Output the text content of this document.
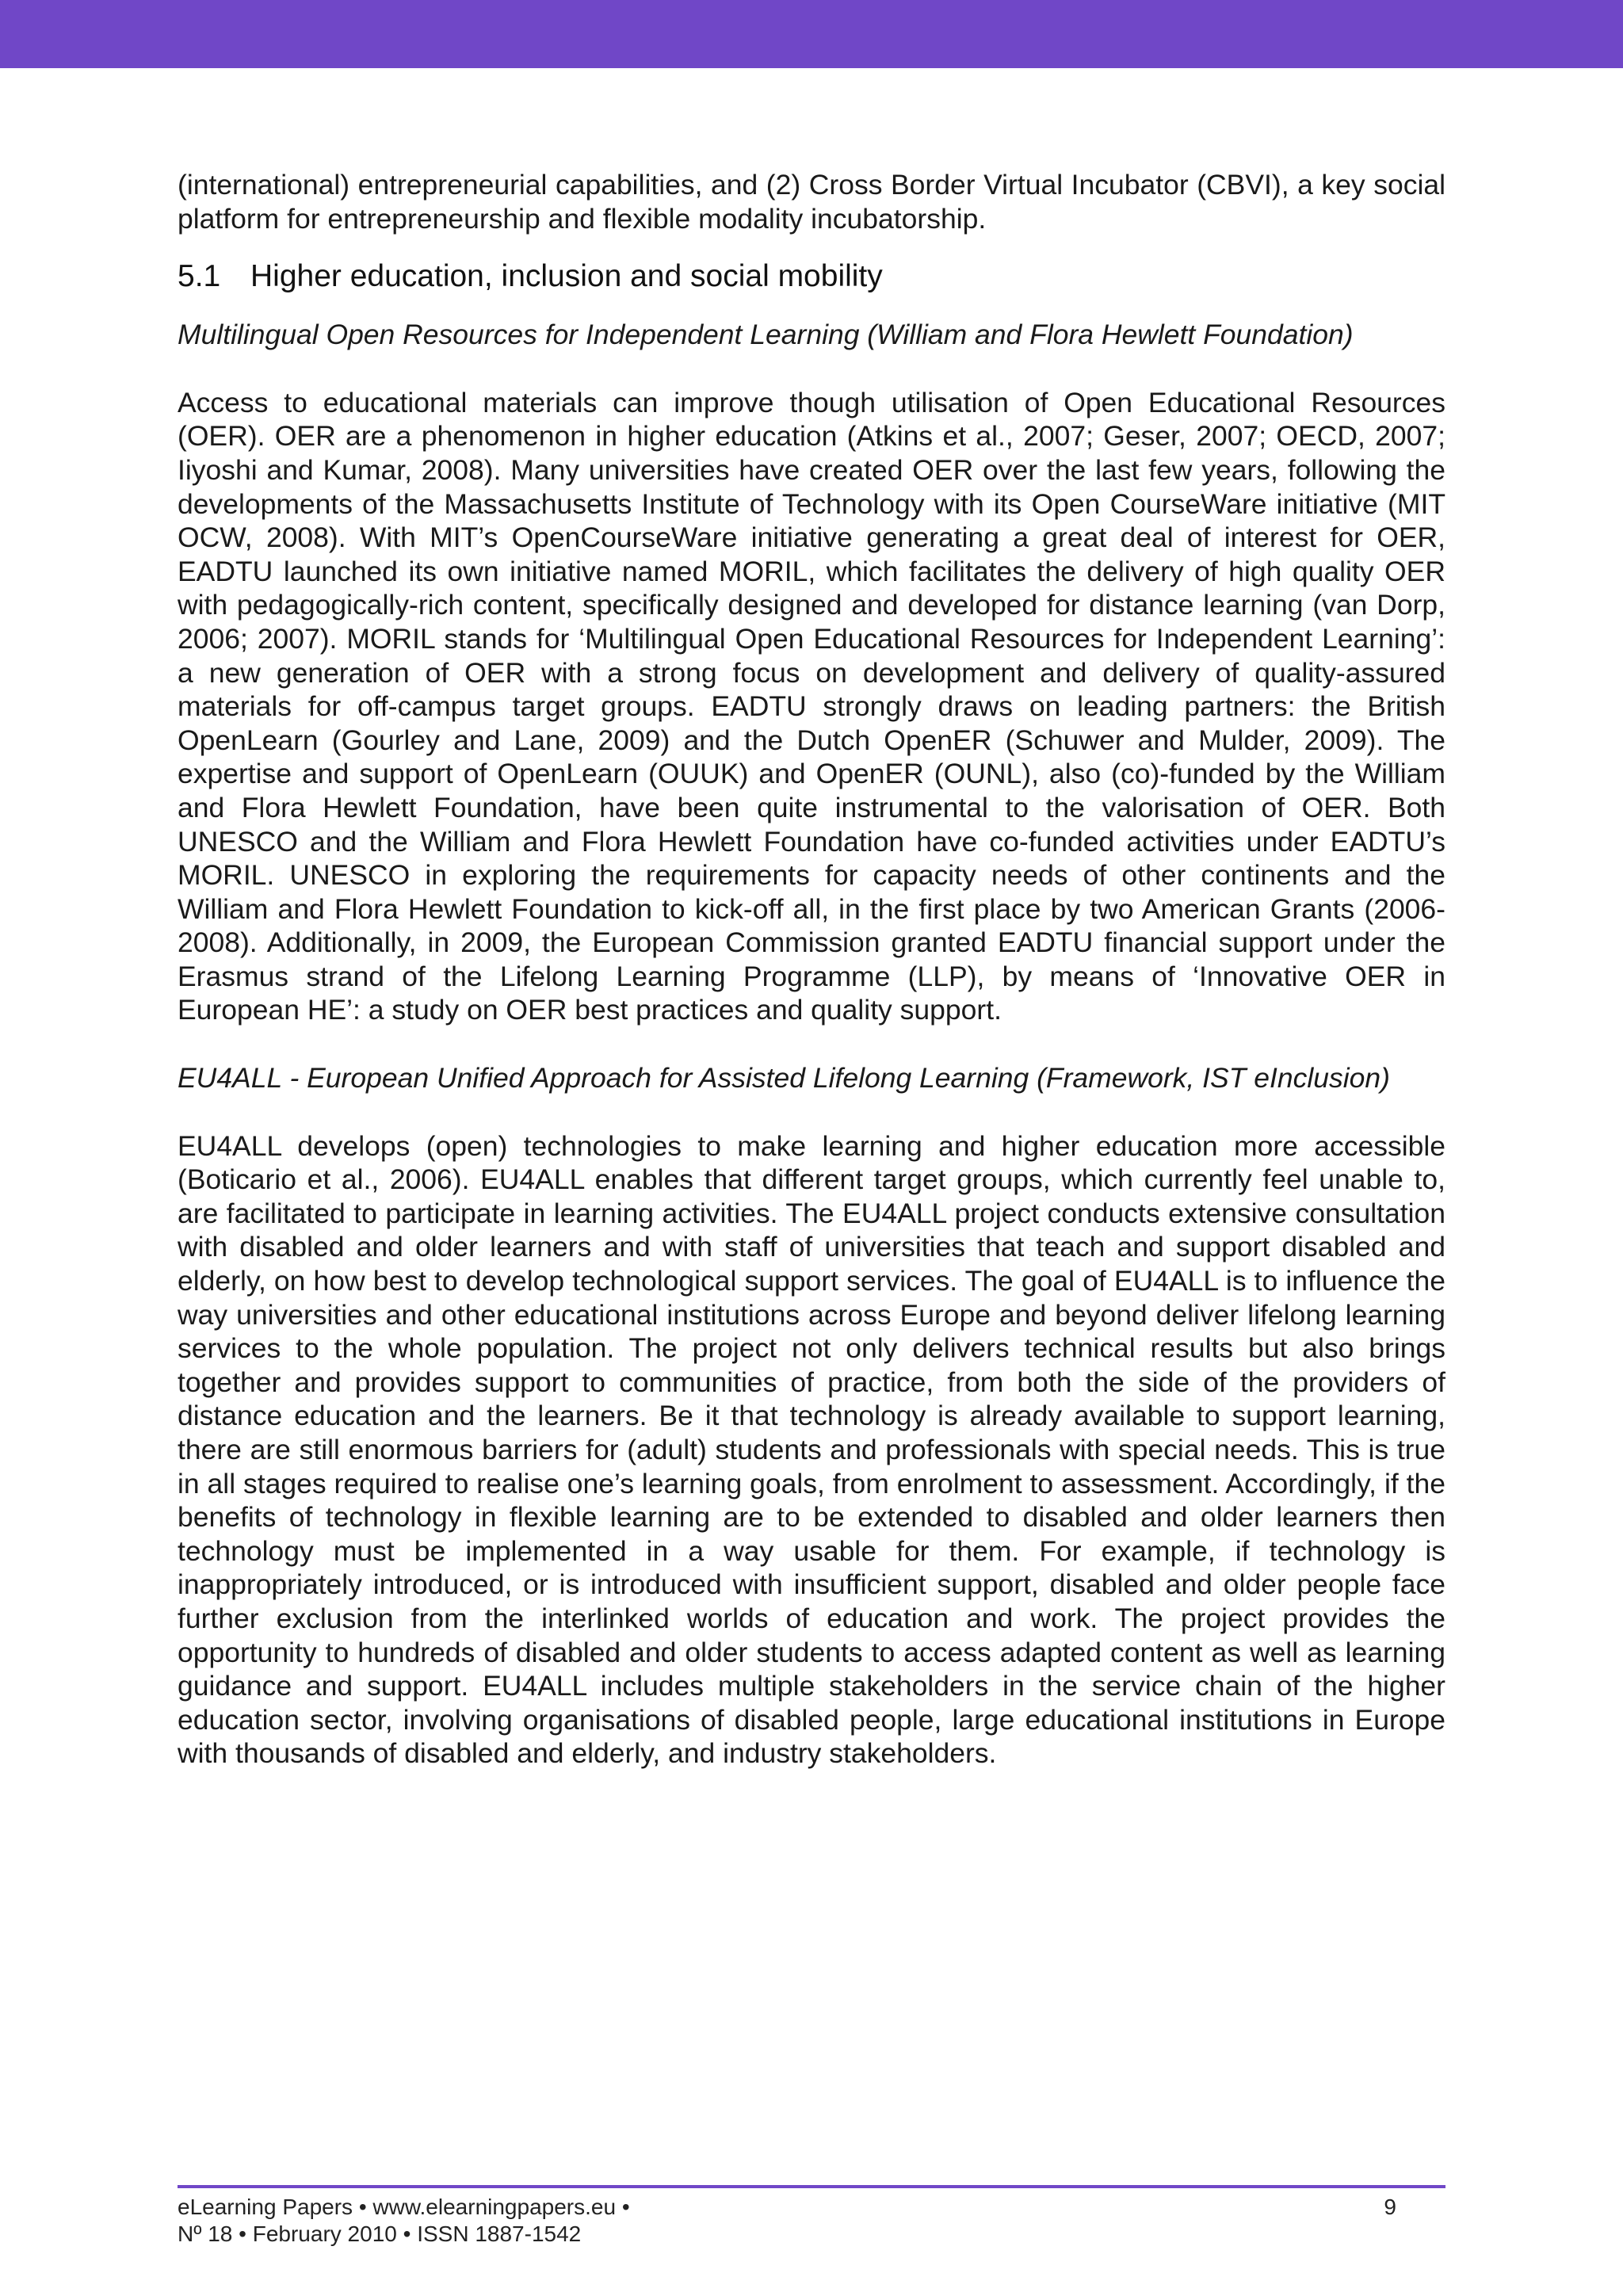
(international) entrepreneurial capabilities, and (2) Cross Border Virtual Incubator (CBVI), a key social platform for entrepreneurship and flexible modality incubatorship.

5.1 Higher education, inclusion and social mobility

Multilingual Open Resources for Independent Learning (William and Flora Hewlett Foundation)

Access to educational materials can improve though utilisation of Open Educational Resources (OER). OER are a phenomenon in higher education (Atkins et al., 2007; Geser, 2007; OECD, 2007; Iiyoshi and Kumar, 2008). Many universities have created OER over the last few years, following the developments of the Massachusetts Institute of Technology with its Open CourseWare initiative (MIT OCW, 2008). With MIT’s OpenCourseWare initiative generating a great deal of interest for OER, EADTU launched its own initiative named MORIL, which facilitates the delivery of high quality OER with pedagogically-rich content, specifically designed and developed for distance learning (van Dorp, 2006; 2007). MORIL stands for ‘Multilingual Open Educational Resources for Independent Learning’: a new generation of OER with a strong focus on development and delivery of quality-assured materials for off-campus target groups. EADTU strongly draws on leading partners: the British OpenLearn (Gourley and Lane, 2009) and the Dutch OpenER (Schuwer and Mulder, 2009). The expertise and support of OpenLearn (OUUK) and OpenER (OUNL), also (co)-funded by the William and Flora Hewlett Foundation, have been quite instrumental to the valorisation of OER. Both UNESCO and the William and Flora Hewlett Foundation have co-funded activities under EADTU’s MORIL. UNESCO in exploring the requirements for capacity needs of other continents and the William and Flora Hewlett Foundation to kick-off all, in the first place by two American Grants (2006-2008). Additionally, in 2009, the European Commission granted EADTU financial support under the Erasmus strand of the Lifelong Learning Programme (LLP), by means of ‘Innovative OER in European HE’: a study on OER best practices and quality support.

EU4ALL - European Unified Approach for Assisted Lifelong Learning (Framework, IST eInclusion)

EU4ALL develops (open) technologies to make learning and higher education more accessible (Boticario et al., 2006). EU4ALL enables that different target groups, which currently feel unable to, are facilitated to participate in learning activities. The EU4ALL project conducts extensive consultation with disabled and older learners and with staff of universities that teach and support disabled and elderly, on how best to develop technological support services. The goal of EU4ALL is to influence the way universities and other educational institutions across Europe and beyond deliver lifelong learning services to the whole population. The project not only delivers technical results but also brings together and provides support to communities of practice, from both the side of the providers of distance education and the learners. Be it that technology is already available to support learning, there are still enormous barriers for (adult) students and professionals with special needs. This is true in all stages required to realise one’s learning goals, from enrolment to assessment. Accordingly, if the benefits of technology in flexible learning are to be extended to disabled and older learners then technology must be implemented in a way usable for them. For example, if technology is inappropriately introduced, or is introduced with insufficient support, disabled and older people face further exclusion from the interlinked worlds of education and work. The project provides the opportunity to hundreds of disabled and older students to access adapted content as well as learning guidance and support. EU4ALL includes multiple stakeholders in the service chain of the higher education sector, involving organisations of disabled people, large educational institutions in Europe with thousands of disabled and elderly, and industry stakeholders.

eLearning Papers • www.elearningpapers.eu •
Nº 18 • February 2010 • ISSN 1887-1542
9
